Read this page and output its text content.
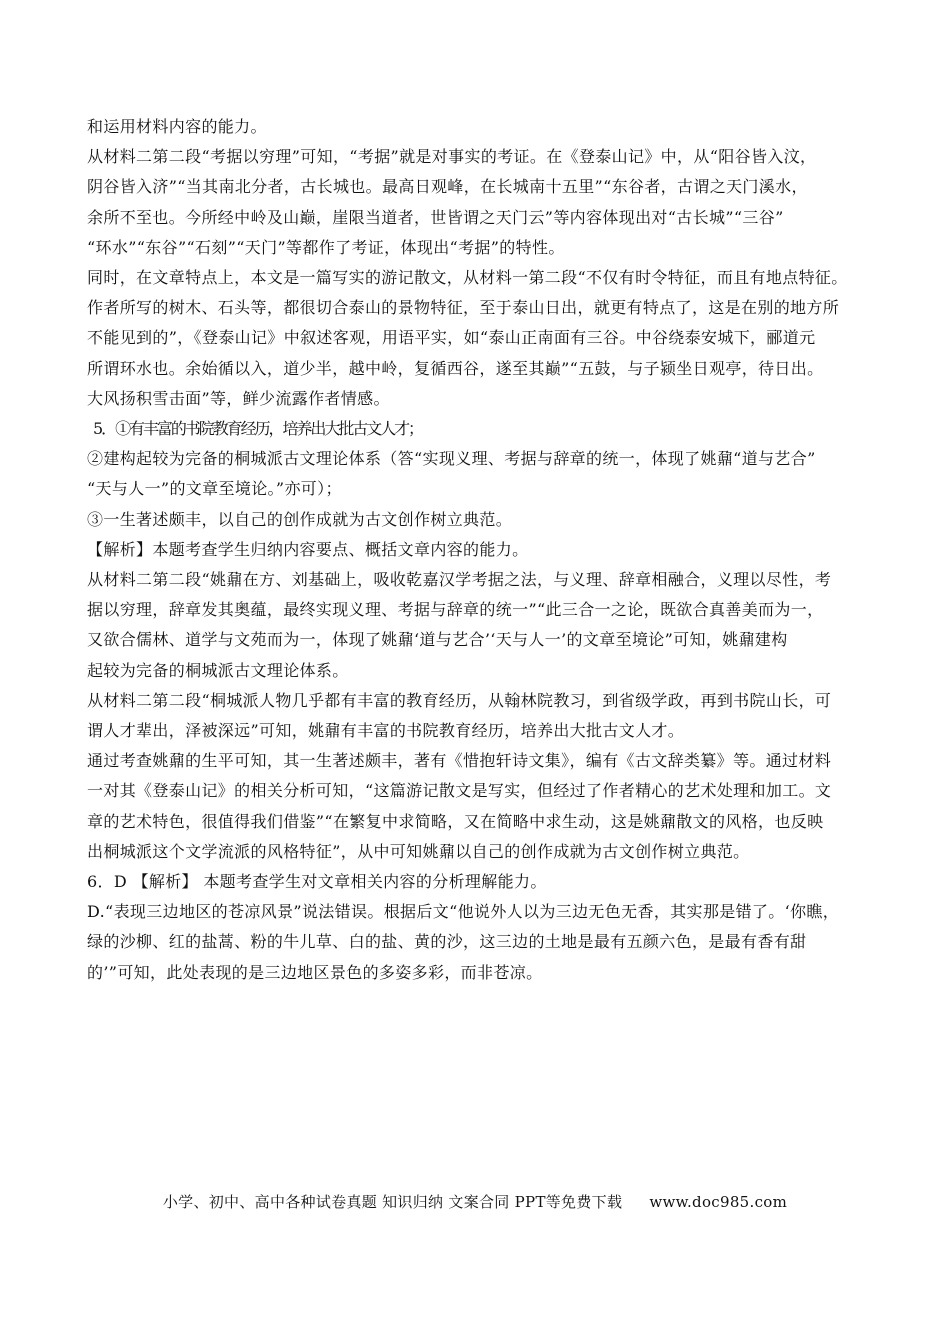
和运用材料内容的能力。
从材料二第二段“考据以穷理”可知，“考据”就是对事实的考证。在《登泰山记》中，从“阳谷皆入汶，
阴谷皆入济”“当其南北分者，古长城也。最高日观峰，在长城南十五里”“东谷者，古谓之天门溪水，
余所不至也。今所经中岭及山巅，崖限当道者，世皆谓之天门云”等内容体现出对“古长城”“三谷”
“环水”“东谷”“石刻”“天门”等都作了考证，体现出“考据”的特性。
同时，在文章特点上，本文是一篇写实的游记散文，从材料一第二段“不仅有时令特征，而且有地点特征。
作者所写的树木、石头等，都很切合泰山的景物特征，至于泰山日出，就更有特点了，这是在别的地方所
不能见到的”，《登泰山记》中叙述客观，用语平实，如“泰山正南面有三谷。中谷绕泰安城下，郦道元
所谓环水也。余始循以入，道少半，越中岭，复循西谷，遂至其巅”“五鼓，与子颍坐日观亭，待日出。
大风扬积雪击面”等，鲜少流露作者情感。
5．①有丰富的书院教育经历，培养出大批古文人才；
②建构起较为完备的桐城派古文理论体系（答“实现义理、考据与辞章的统一，体现了姚鼐“道与艺合”
“天与人一”的文章至境论。”亦可）；
③一生著述颇丰，以自己的创作成就为古文创作树立典范。
【解析】本题考查学生归纳内容要点、概括文章内容的能力。
从材料二第二段“姚鼐在方、刘基础上，吸收乾嘉汉学考据之法，与义理、辞章相融合，义理以尽性，考
据以穷理，辞章发其奥蕴，最终实现义理、考据与辞章的统一”“此三合一之论，既欲合真善美而为一，
又欲合儒林、道学与文苑而为一，体现了姚鼐‘道与艺合’‘天与人一’的文章至境论”可知，姚鼐建构
起较为完备的桐城派古文理论体系。
从材料二第二段“桐城派人物几乎都有丰富的教育经历，从翰林院教习，到省级学政，再到书院山长，可
谓人才辈出，泽被深远”可知，姚鼐有丰富的书院教育经历，培养出大批古文人才。
通过考查姚鼐的生平可知，其一生著述颇丰，著有《惜抱轩诗文集》，编有《古文辞类纂》等。通过材料
一对其《登泰山记》的相关分析可知，“这篇游记散文是写实，但经过了作者精心的艺术处理和加工。文
章的艺术特色，很值得我们借鉴”“在繁复中求简略，又在简略中求生动，这是姚鼐散文的风格，也反映
出桐城派这个文学流派的风格特征”，从中可知姚鼐以自己的创作成就为古文创作树立典范。
6．D 【解析】 本题考查学生对文章相关内容的分析理解能力。
D.“表现三边地区的苍凉风景”说法错误。根据后文“他说外人以为三边无色无香，其实那是错了。‘你瞧，
绿的沙柳、红的盐蒿、粉的牛儿草、白的盐、黄的沙，这三边的土地是最有五颜六色，是最有香有甜
的’”可知，此处表现的是三边地区景色的多姿多彩，而非苍凉。
小学、初中、高中各种试卷真题 知识归纳 文案合同 PPT等免费下载 www.doc985.com
